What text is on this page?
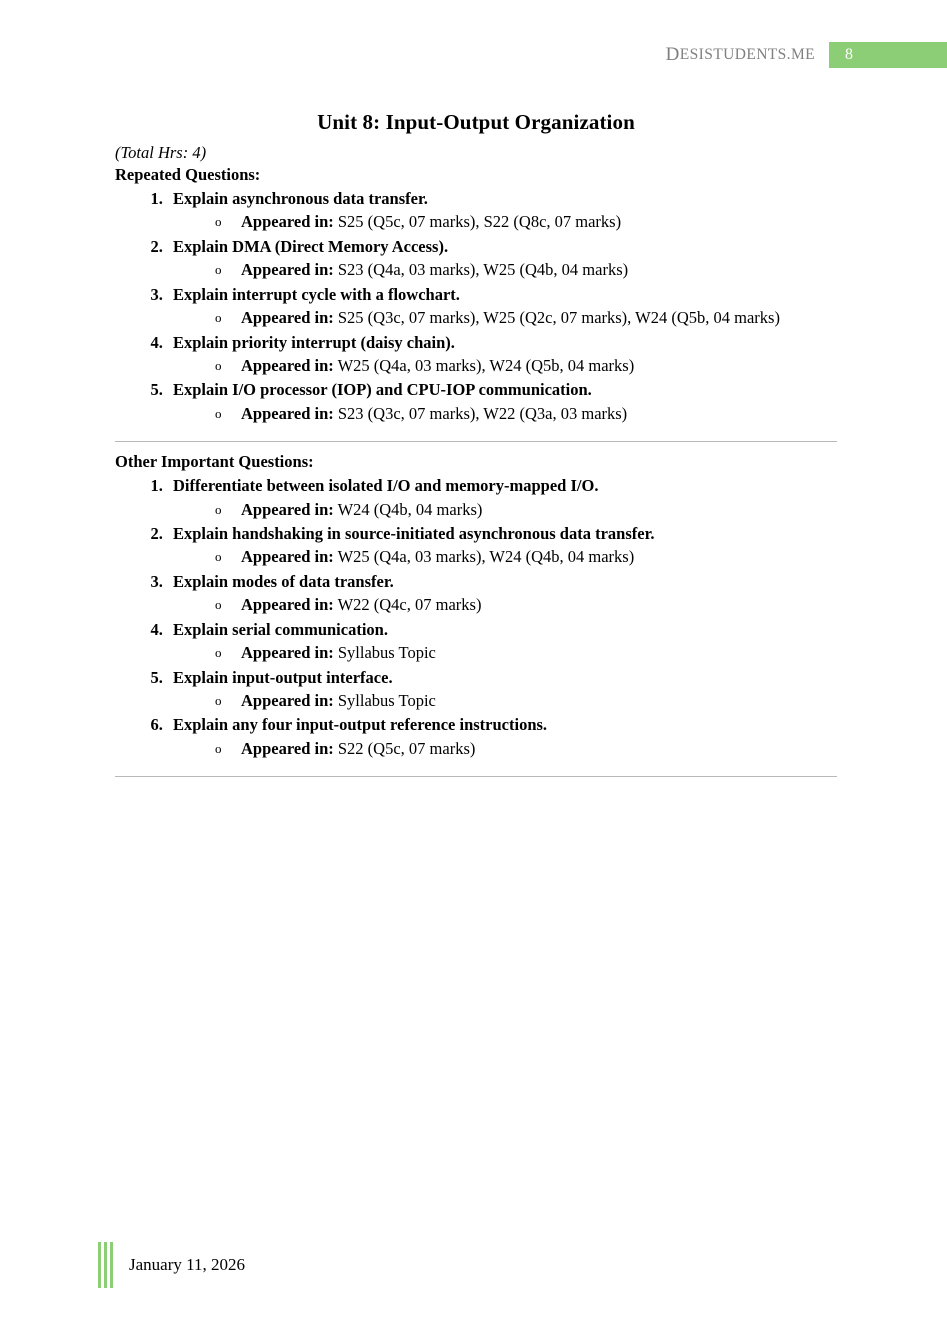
D ESISTUDENTS.ME 8
Unit 8: Input-Output Organization
(Total Hrs: 4)
Repeated Questions:
1. Explain asynchronous data transfer.
o Appeared in: S25 (Q5c, 07 marks), S22 (Q8c, 07 marks)
2. Explain DMA (Direct Memory Access).
o Appeared in: S23 (Q4a, 03 marks), W25 (Q4b, 04 marks)
3. Explain interrupt cycle with a flowchart.
o Appeared in: S25 (Q3c, 07 marks), W25 (Q2c, 07 marks), W24 (Q5b, 04 marks)
4. Explain priority interrupt (daisy chain).
o Appeared in: W25 (Q4a, 03 marks), W24 (Q5b, 04 marks)
5. Explain I/O processor (IOP) and CPU-IOP communication.
o Appeared in: S23 (Q3c, 07 marks), W22 (Q3a, 03 marks)
Other Important Questions:
1. Differentiate between isolated I/O and memory-mapped I/O.
o Appeared in: W24 (Q4b, 04 marks)
2. Explain handshaking in source-initiated asynchronous data transfer.
o Appeared in: W25 (Q4a, 03 marks), W24 (Q4b, 04 marks)
3. Explain modes of data transfer.
o Appeared in: W22 (Q4c, 07 marks)
4. Explain serial communication.
o Appeared in: Syllabus Topic
5. Explain input-output interface.
o Appeared in: Syllabus Topic
6. Explain any four input-output reference instructions.
o Appeared in: S22 (Q5c, 07 marks)
January 11, 2026
